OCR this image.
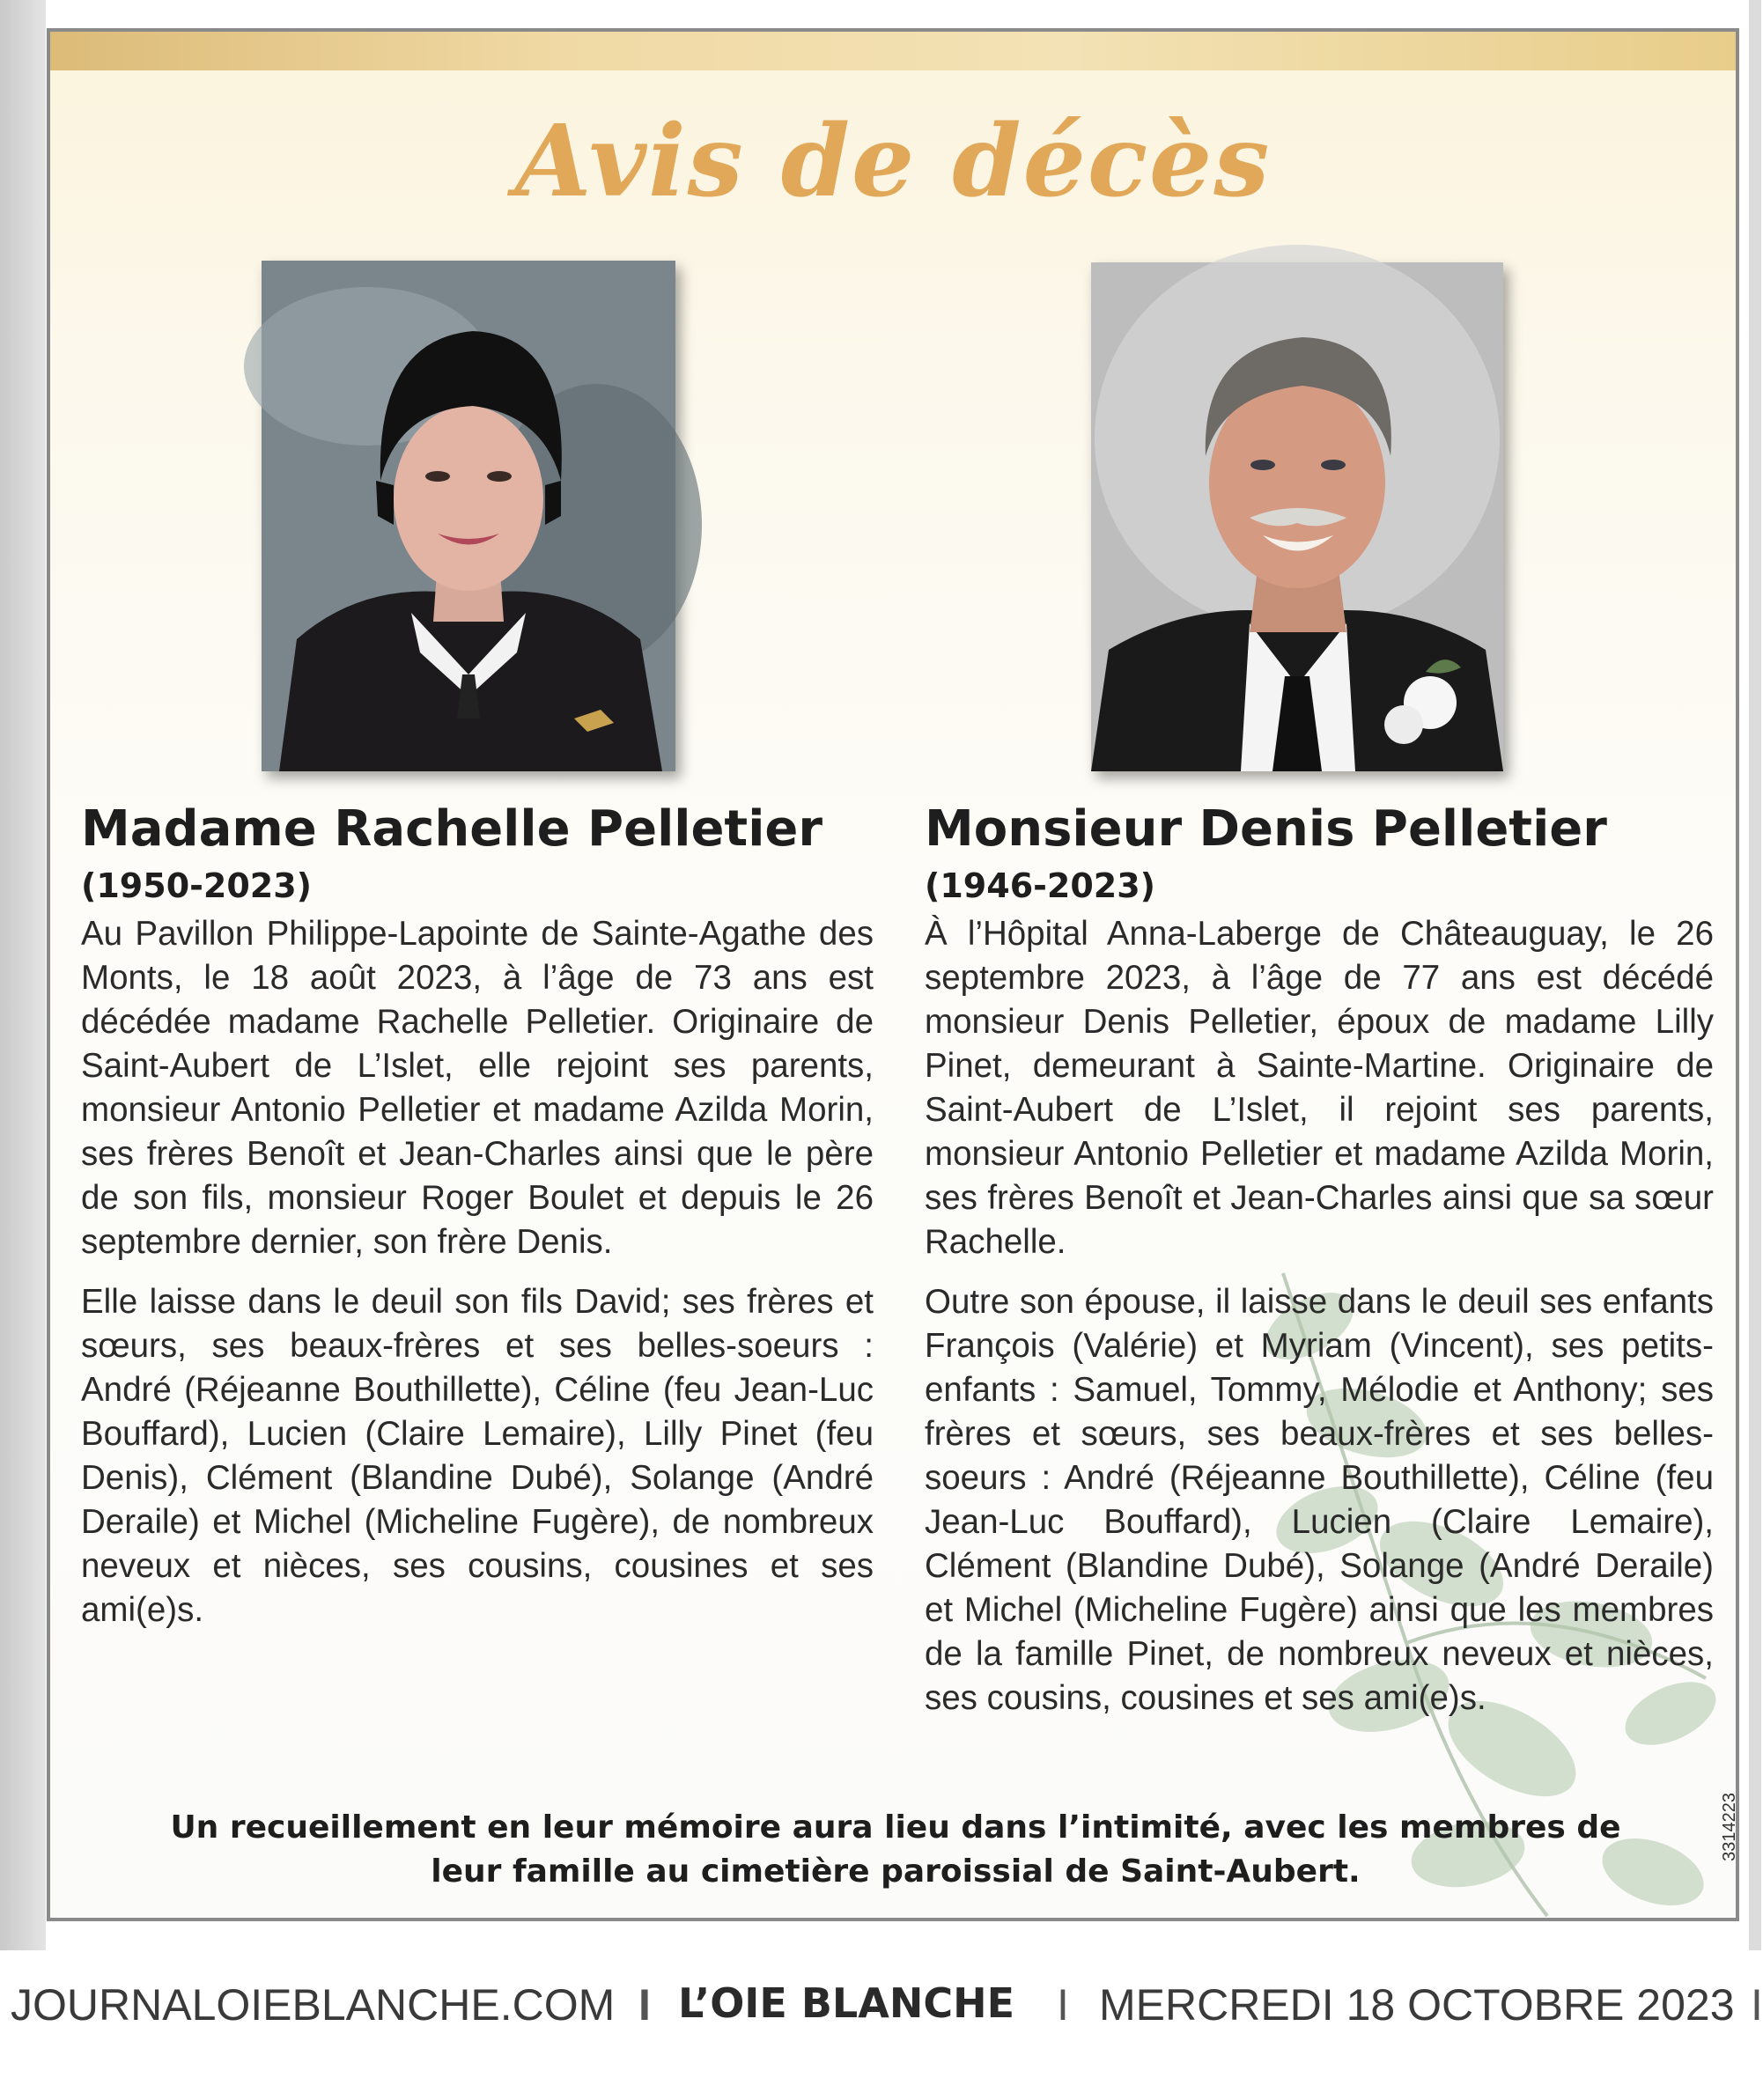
Avis de décès
Madame Rachelle Pelletier
(1950-2023)

Au Pavillon Philippe-Lapointe de Sainte-Agathe des Monts, le 18 août 2023, à l’âge de 73 ans est décédée madame Rachelle Pelletier. Originaire de Saint-Aubert de L’Islet, elle rejoint ses parents, monsieur Antonio Pelletier et madame Azilda Morin, ses frères Benoît et Jean-Charles ainsi que le père de son fils, monsieur Roger Boulet et depuis le 26 septembre dernier, son frère Denis.

Elle laisse dans le deuil son fils David; ses frères et sœurs, ses beaux-frères et ses belles-soeurs : André (Réjeanne Bouthillette), Céline (feu Jean-Luc Bouffard), Lucien (Claire Lemaire), Lilly Pinet (feu Denis), Clément (Blandine Dubé), Solange (André Deraile) et Michel (Micheline Fugère), de nombreux neveux et nièces, ses cousins, cousines et ses ami(e)s.

Monsieur Denis Pelletier
(1946-2023)

À l’Hôpital Anna-Laberge de Châteauguay, le 26 septembre 2023, à l’âge de 77 ans est décédé monsieur Denis Pelletier, époux de madame Lilly Pinet, demeurant à Sainte-Martine. Originaire de Saint-Aubert de L’Islet, il rejoint ses parents, monsieur Antonio Pelletier et madame Azilda Morin, ses frères Benoît et Jean-Charles ainsi que sa sœur Rachelle.

Outre son épouse, il laisse dans le deuil ses enfants François (Valérie) et Myriam (Vincent), ses petits-enfants : Samuel, Tommy, Mélodie et Anthony; ses frères et sœurs, ses beaux-frères et ses belles-soeurs : André (Réjeanne Bouthillette), Céline (feu Jean-Luc Bouffard), Lucien (Claire Lemaire), Clément (Blandine Dubé), Solange (André Deraile) et Michel (Micheline Fugère) ainsi que les membres de la famille Pinet, de nombreux neveux et nièces, ses cousins, cousines et ses ami(e)s.

Un recueillement en leur mémoire aura lieu dans l’intimité, avec les membres de leur famille au cimetière paroissial de Saint-Aubert.
3314223
JOURNALOIEBLANCHE.COM I L’OIE BLANCHE I MERCREDI 18 OCTOBRE 2023 I
